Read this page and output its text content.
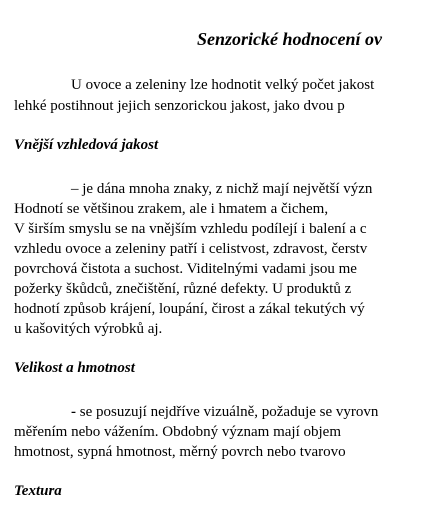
Senzorické hodnocení ov
U ovoce a zeleniny lze hodnotit velký počet jakost
lehké postihnout jejich senzorickou jakost, jako dvou p
Vnější vzhledová jakost
– je dána mnoha znaky, z nichž mají největší význ
Hodnotí se většinou zrakem, ale i hmatem a čichem,
V širším smyslu se na vnějším vzhledu podílejí i balení a c
vzhledu ovoce a zeleniny patří i celistvost, zdravost, čerstv
povrchová čistota a suchost. Viditelnými vadami jsou me
požerky škůdců, znečištění, různé defekty. U produktů z
hodnotí způsob krájení, loupání, čirost a zákal tekutých vý
u kašovitých výrobků aj.
Velikost a hmotnost
- se posuzují nejdříve vizuálně, požaduje se vyrovn
měřením nebo vážením. Obdobný význam mají objem
hmotnost, sypná hmotnost, měrný povrch nebo tvarovo
Textura
